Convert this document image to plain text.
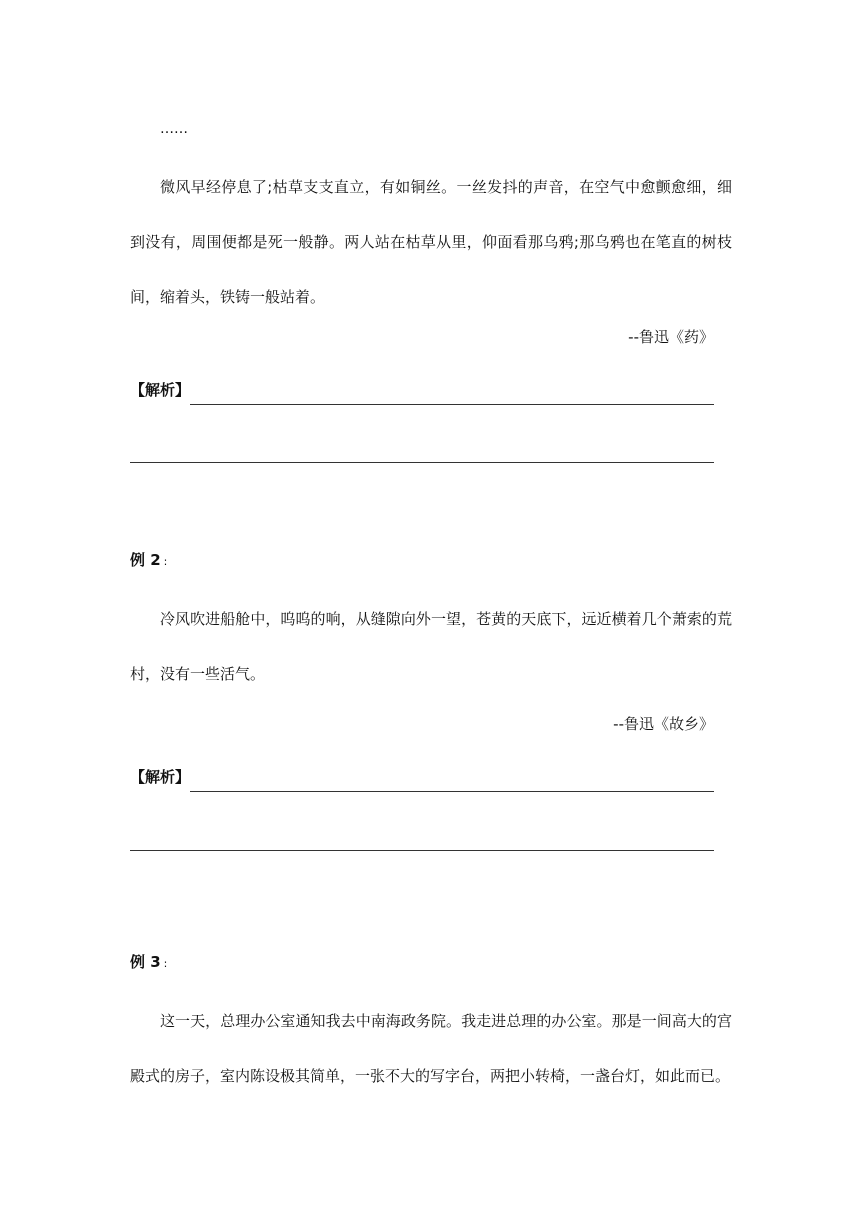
……
微风早经停息了;枯草支支直立，有如铜丝。一丝发抖的声音，在空气中愈颤愈细，细到没有，周围便都是死一般静。两人站在枯草从里，仰面看那乌鸦;那乌鸦也在笔直的树枝间，缩着头，铁铸一般站着。
--鲁迅《药》
【解析】
例 2 :
冷风吹进船舱中，呜呜的响，从缝隙向外一望，苍黄的天底下，远近横着几个萧索的荒村，没有一些活气。
--鲁迅《故乡》
【解析】
例 3 :
这一天，总理办公室通知我去中南海政务院。我走进总理的办公室。那是一间高大的宫殿式的房子，室内陈设极其简单，一张不大的写字台，两把小转椅，一盏台灯，如此而已。
